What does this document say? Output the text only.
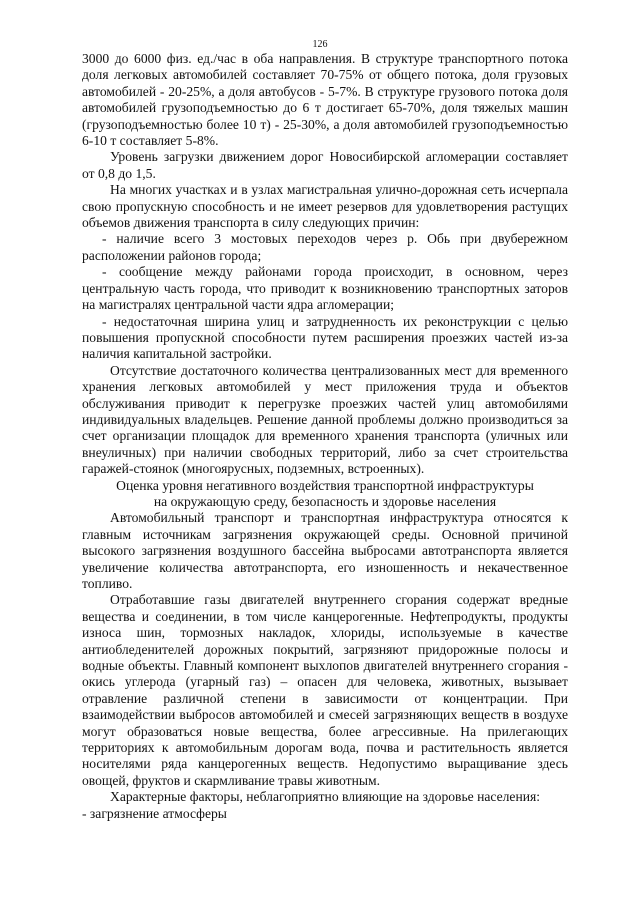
126

3000 до 6000 физ. ед./час в оба направления. В структуре транспортного потока доля легковых автомобилей составляет 70-75% от общего потока, доля грузовых автомобилей - 20-25%, а доля автобусов - 5-7%. В структуре грузового потока доля автомобилей грузоподъемностью до 6 т достигает 65-70%, доля тяжелых машин (грузоподъемностью более 10 т) - 25-30%, а доля автомобилей грузоподъемностью 6-10 т составляет 5-8%.

Уровень загрузки движением дорог Новосибирской агломерации составляет от 0,8 до 1,5.

На многих участках и в узлах магистральная улично-дорожная сеть исчерпала свою пропускную способность и не имеет резервов для удовлетворения растущих объемов движения транспорта в силу следующих причин:

- наличие всего 3 мостовых переходов через р. Обь при двубережном расположении районов города;

- сообщение между районами города происходит, в основном, через центральную часть города, что приводит к возникновению транспортных заторов на магистралях центральной части ядра агломерации;

- недостаточная ширина улиц и затрудненность их реконструкции с целью повышения пропускной способности путем расширения проезжих частей из-за наличия капитальной застройки.

Отсутствие достаточного количества централизованных мест для временного хранения легковых автомобилей у мест приложения труда и объектов обслуживания приводит к перегрузке проезжих частей улиц автомобилями индивидуальных владельцев. Решение данной проблемы должно производиться за счет организации площадок для временного хранения транспорта (уличных или внеуличных) при наличии свободных территорий, либо за счет строительства гаражей-стоянок (многоярусных, подземных, встроенных).

Оценка уровня негативного воздействия транспортной инфраструктуры на окружающую среду, безопасность и здоровье населения

Автомобильный транспорт и транспортная инфраструктура относятся к главным источникам загрязнения окружающей среды. Основной причиной высокого загрязнения воздушного бассейна выбросами автотранспорта является увеличение количества автотранспорта, его изношенность и некачественное топливо.

Отработавшие газы двигателей внутреннего сгорания содержат вредные вещества и соединении, в том числе канцерогенные. Нефтепродукты, продукты износа шин, тормозных накладок, хлориды, используемые в качестве антиобледенителей дорожных покрытий, загрязняют придорожные полосы и водные объекты. Главный компонент выхлопов двигателей внутреннего сгорания - окись углерода (угарный газ) – опасен для человека, животных, вызывает отравление различной степени в зависимости от концентрации. При взаимодействии выбросов автомобилей и смесей загрязняющих веществ в воздухе могут образоваться новые вещества, более агрессивные. На прилегающих территориях к автомобильным дорогам вода, почва и растительность является носителями ряда канцерогенных веществ. Недопустимо выращивание здесь овощей, фруктов и скармливание травы животным.

Характерные факторы, неблагоприятно влияющие на здоровье населения:

- загрязнение атмосферы
